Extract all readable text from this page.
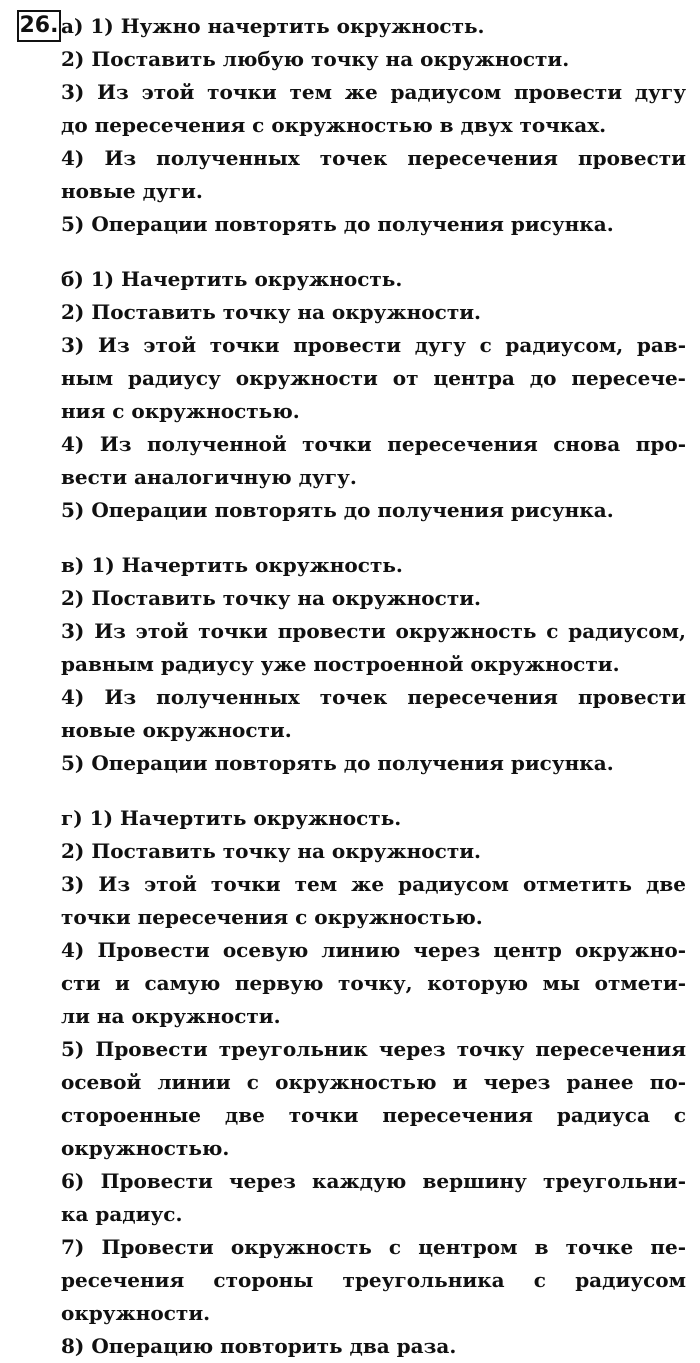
26. а) 1) Нужно начертить окружность.
2) Поставить любую точку на окружности.
3) Из этой точки тем же радиусом провести дугу
до пересечения с окружностью в двух точках.
4) Из полученных точек пересечения провести
новые дуги.
5) Операции повторять до получения рисунка.
б) 1) Начертить окружность.
2) Поставить точку на окружности.
3) Из этой точки провести дугу с радиусом, рав-
ным радиусу окружности от центра до пересече-
ния с окружностью.
4) Из полученной точки пересечения снова про-
вести аналогичную дугу.
5) Операции повторять до получения рисунка.
в) 1) Начертить окружность.
2) Поставить точку на окружности.
3) Из этой точки провести окружность с радиусом,
равным радиусу уже построенной окружности.
4) Из полученных точек пересечения провести
новые окружности.
5) Операции повторять до получения рисунка.
г) 1) Начертить окружность.
2) Поставить точку на окружности.
3) Из этой точки тем же радиусом отметить две
точки пересечения с окружностью.
4) Провести осевую линию через центр окружно-
сти и самую первую точку, которую мы отмети-
ли на окружности.
5) Провести треугольник через точку пересечения
осевой линии с окружностью и через ранее по-
стороенные две точки пересечения радиуса с
окружностью.
6) Провести через каждую вершину треугольни-
ка радиус.
7) Провести окружность с центром в точке пе-
ресечения стороны треугольника с радиусом
окружности.
8) Операцию повторить два раза.
